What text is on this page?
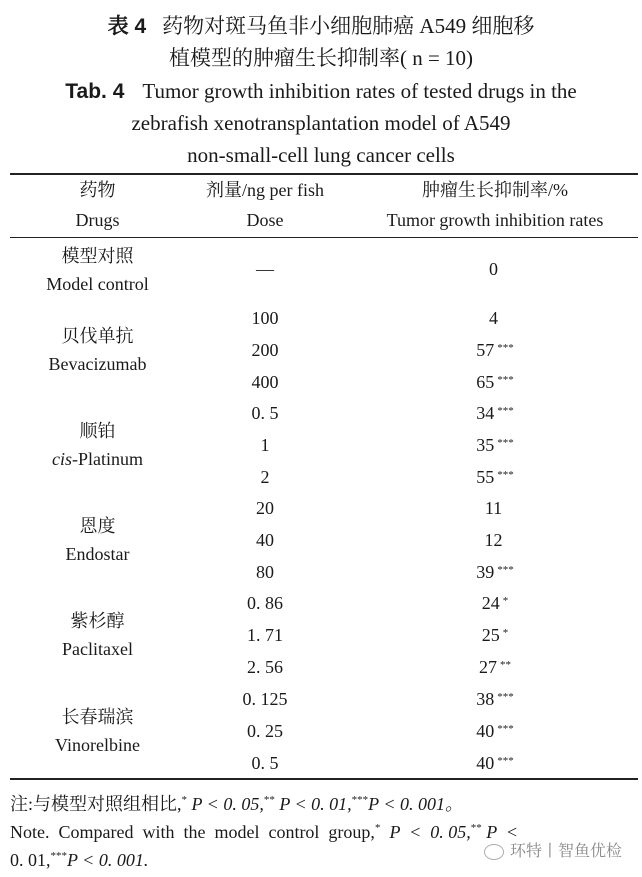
表 4 药物对斑马鱼非小细胞肺癌 A549 细胞移
植模型的肿瘤生长抑制率( n = 10)
Tab. 4 Tumor growth inhibition rates of tested drugs in the
zebrafish xenotransplantation model of A549
non-small-cell lung cancer cells
药物
Drugs
剂量/ng per fish
Dose
肿瘤生长抑制率/%
Tumor growth inhibition rates
模型对照
Model control
—	0
贝伐单抗
Bevacizumab
100
200
400
4
57 ***
65 ***
顺铂
cis-Platinum
0. 5
1
2
34 ***
35 ***
55 ***
恩度
Endostar
20
40
80
11
12
39 ***
紫杉醇
Paclitaxel
0. 86
1. 71
2. 56
24 *
25 *
27 **
长春瑞滨
Vinorelbine
0. 125
0. 25
0. 5
38 ***
40 ***
40 ***
注:与模型对照组相比,* P < 0. 05,** P < 0. 01,***P < 0. 001。
Note.  Compared  with  the  model  control  group,*  P  <  0. 05,** P  <
0. 01,***P < 0. 001.	环特丨智鱼优检
